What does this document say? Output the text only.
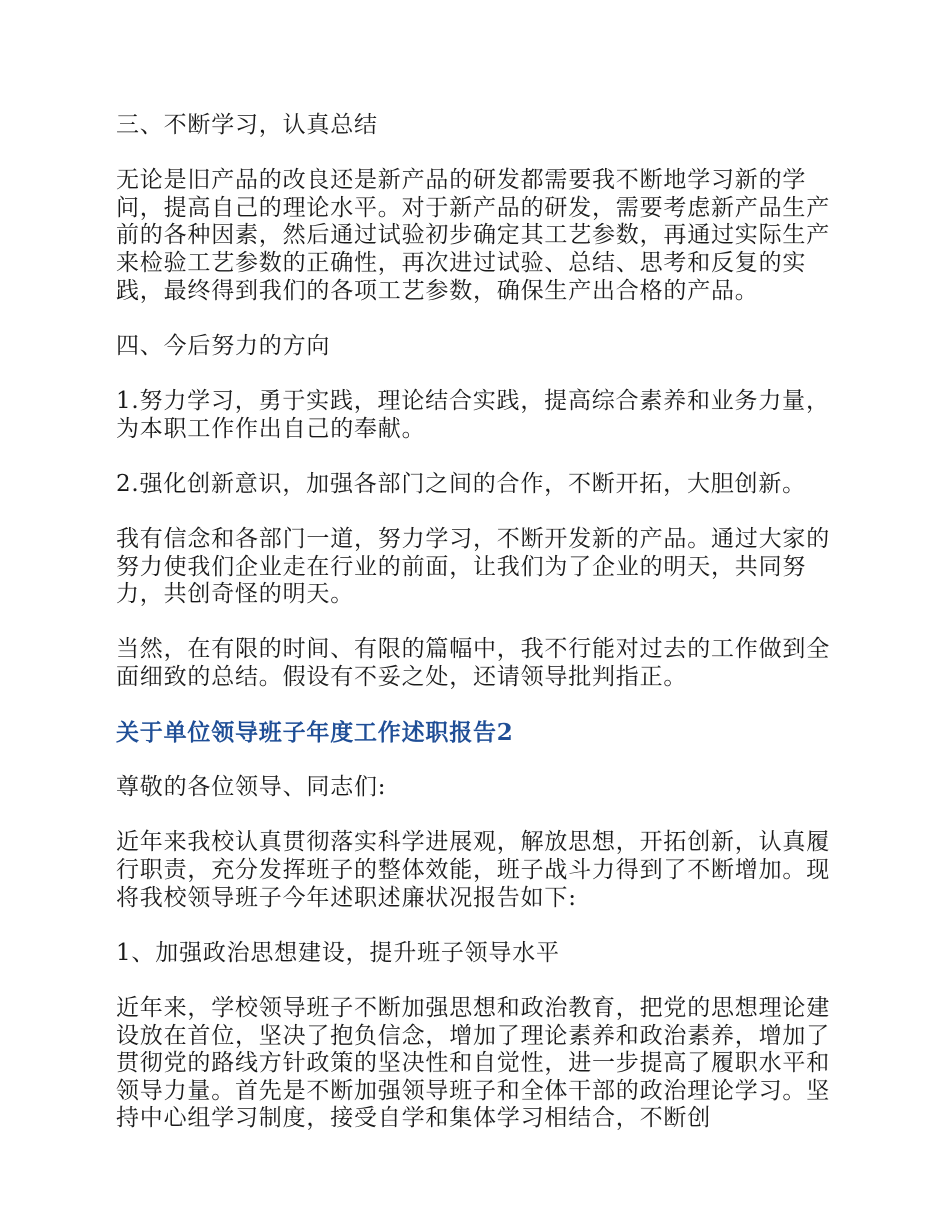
三、不断学习，认真总结

无论是旧产品的改良还是新产品的研发都需要我不断地学习新的学问，提高自己的理论水平。对于新产品的研发，需要考虑新产品生产前的各种因素，然后通过试验初步确定其工艺参数，再通过实际生产来检验工艺参数的正确性，再次进过试验、总结、思考和反复的实践，最终得到我们的各项工艺参数，确保生产出合格的产品。

四、今后努力的方向

1.努力学习，勇于实践，理论结合实践，提高综合素养和业务力量，为本职工作作出自己的奉献。

2.强化创新意识，加强各部门之间的合作，不断开拓，大胆创新。

我有信念和各部门一道，努力学习，不断开发新的产品。通过大家的努力使我们企业走在行业的前面，让我们为了企业的明天，共同努力，共创奇怪的明天。

当然，在有限的时间、有限的篇幅中，我不行能对过去的工作做到全面细致的总结。假设有不妥之处，还请领导批判指正。

关于单位领导班子年度工作述职报告2

尊敬的各位领导、同志们:

近年来我校认真贯彻落实科学进展观，解放思想，开拓创新，认真履行职责，充分发挥班子的整体效能，班子战斗力得到了不断增加。现将我校领导班子今年述职述廉状况报告如下:

1、加强政治思想建设，提升班子领导水平

近年来，学校领导班子不断加强思想和政治教育，把党的思想理论建设放在首位，坚决了抱负信念，增加了理论素养和政治素养，增加了贯彻党的路线方针政策的坚决性和自觉性，进一步提高了履职水平和领导力量。首先是不断加强领导班子和全体干部的政治理论学习。坚持中心组学习制度，接受自学和集体学习相结合，不断创
